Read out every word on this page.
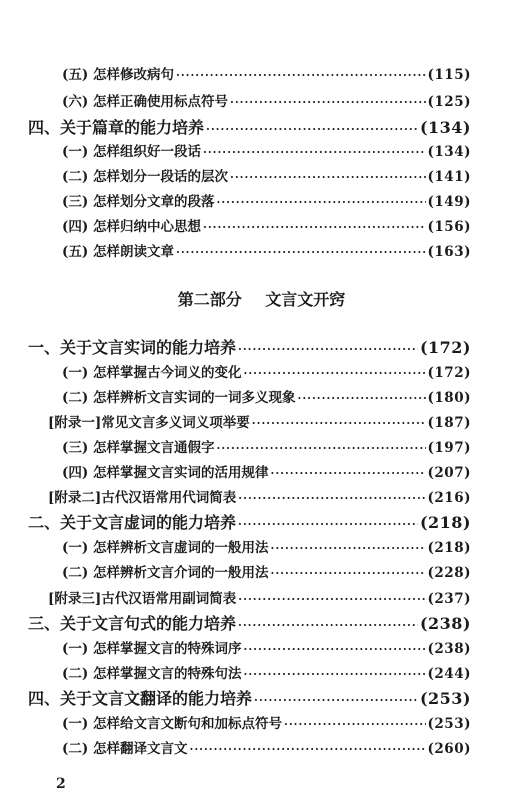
(五) 怎样修改病句 ·····	(115)
(六) 怎样正确使用标点符号 ·····	(125)
四、关于篇章的能力培养 ·····	(134)
(一) 怎样组织好一段话 ·····	(134)
(二) 怎样划分一段话的层次 ·····	(141)
(三) 怎样划分文章的段落 ·····	(149)
(四) 怎样归纳中心思想 ·····	(156)
(五) 怎样朗读文章 ·····	(163)
第二部分 文言文开窍
一、关于文言实词的能力培养 ·····	(172)
(一) 怎样掌握古今词义的变化 ·····	(172)
(二) 怎样辨析文言实词的一词多义现象 ·····	(180)
[附录一]常见文言多义词义项举要 ·····	(187)
(三) 怎样掌握文言通假字 ·····	(197)
(四) 怎样掌握文言实词的活用规律 ·····	(207)
[附录二]古代汉语常用代词简表 ·····	(216)
二、关于文言虚词的能力培养 ·····	(218)
(一) 怎样辨析文言虚词的一般用法 ·····	(218)
(二) 怎样辨析文言介词的一般用法 ·····	(228)
[附录三]古代汉语常用副词简表 ·····	(237)
三、关于文言句式的能力培养 ·····	(238)
(一) 怎样掌握文言的特殊词序 ·····	(238)
(二) 怎样掌握文言的特殊句法 ·····	(244)
四、关于文言文翻译的能力培养 ·····	(253)
(一) 怎样给文言文断句和加标点符号 ·····	(253)
(二) 怎样翻译文言文 ·····	(260)
2
